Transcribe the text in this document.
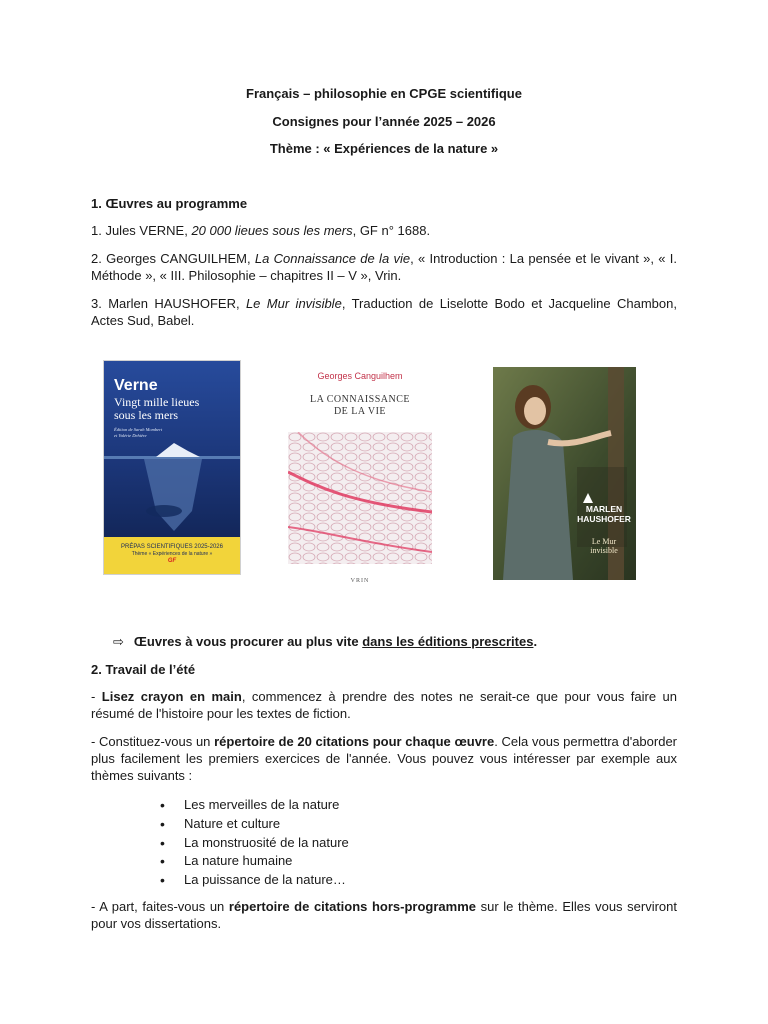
Français – philosophie en CPGE scientifique
Consignes pour l’année 2025 – 2026
Thème : « Expériences de la nature »
1. Œuvres au programme
1. Jules VERNE, 20 000 lieues sous les mers, GF n° 1688.
2. Georges CANGUILHEM, La Connaissance de la vie, « Introduction : La pensée et le vivant », « I. Méthode », « III. Philosophie – chapitres II – V », Vrin.
3. Marlen HAUSHOFER, Le Mur invisible, Traduction de Liselotte Bodo et Jacqueline Chambon, Actes Sud, Babel.
Verne
Vingt mille lieues
sous les mers
Édition de Sarah Mombert
et Valérie Dehière
PRÉPAS SCIENTIFIQUES 2025-2026
Thème « Expériences de la nature »
GF
Georges Canguilhem
LA CONNAISSANCE
DE LA VIE
VRIN
MARLEN
HAUSHOFER
Le Mur
invisible
⇨ Œuvres à vous procurer au plus vite dans les éditions prescrites.
2. Travail de l’été
- Lisez crayon en main, commencez à prendre des notes ne serait-ce que pour vous faire un résumé de l'histoire pour les textes de fiction.
- Constituez-vous un répertoire de 20 citations pour chaque œuvre. Cela vous permettra d'aborder plus facilement les premiers exercices de l'année. Vous pouvez vous intéresser par exemple aux thèmes suivants :
• Les merveilles de la nature
• Nature et culture
• La monstruosité de la nature
• La nature humaine
• La puissance de la nature…
- A part, faites-vous un répertoire de citations hors-programme sur le thème. Elles vous serviront pour vos dissertations.
